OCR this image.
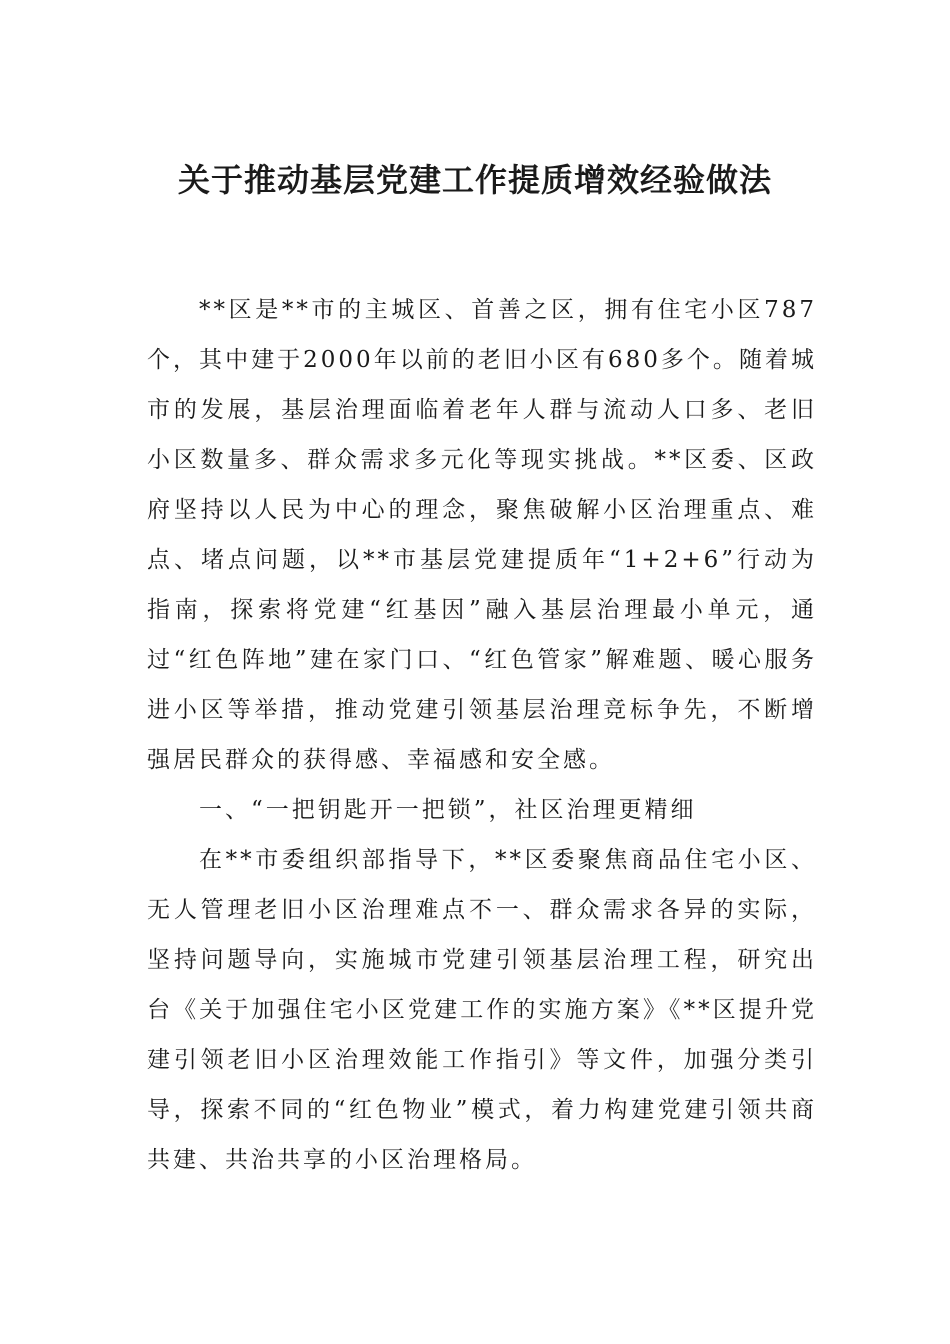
关于推动基层党建工作提质增效经验做法

**区是**市的主城区、首善之区，拥有住宅小区787个，其中建于2000年以前的老旧小区有680多个。随着城市的发展，基层治理面临着老年人群与流动人口多、老旧小区数量多、群众需求多元化等现实挑战。**区委、区政府坚持以人民为中心的理念，聚焦破解小区治理重点、难点、堵点问题，以**市基层党建提质年“1+2+6”行动为指南，探索将党建“红基因”融入基层治理最小单元，通过“红色阵地”建在家门口、“红色管家”解难题、暖心服务进小区等举措，推动党建引领基层治理竞标争先，不断增强居民群众的获得感、幸福感和安全感。

一、“一把钥匙开一把锁”，社区治理更精细

在**市委组织部指导下，**区委聚焦商品住宅小区、无人管理老旧小区治理难点不一、群众需求各异的实际，坚持问题导向，实施城市党建引领基层治理工程，研究出台《关于加强住宅小区党建工作的实施方案》《**区提升党建引领老旧小区治理效能工作指引》等文件，加强分类引导，探索不同的“红色物业”模式，着力构建党建引领共商共建、共治共享的小区治理格局。
